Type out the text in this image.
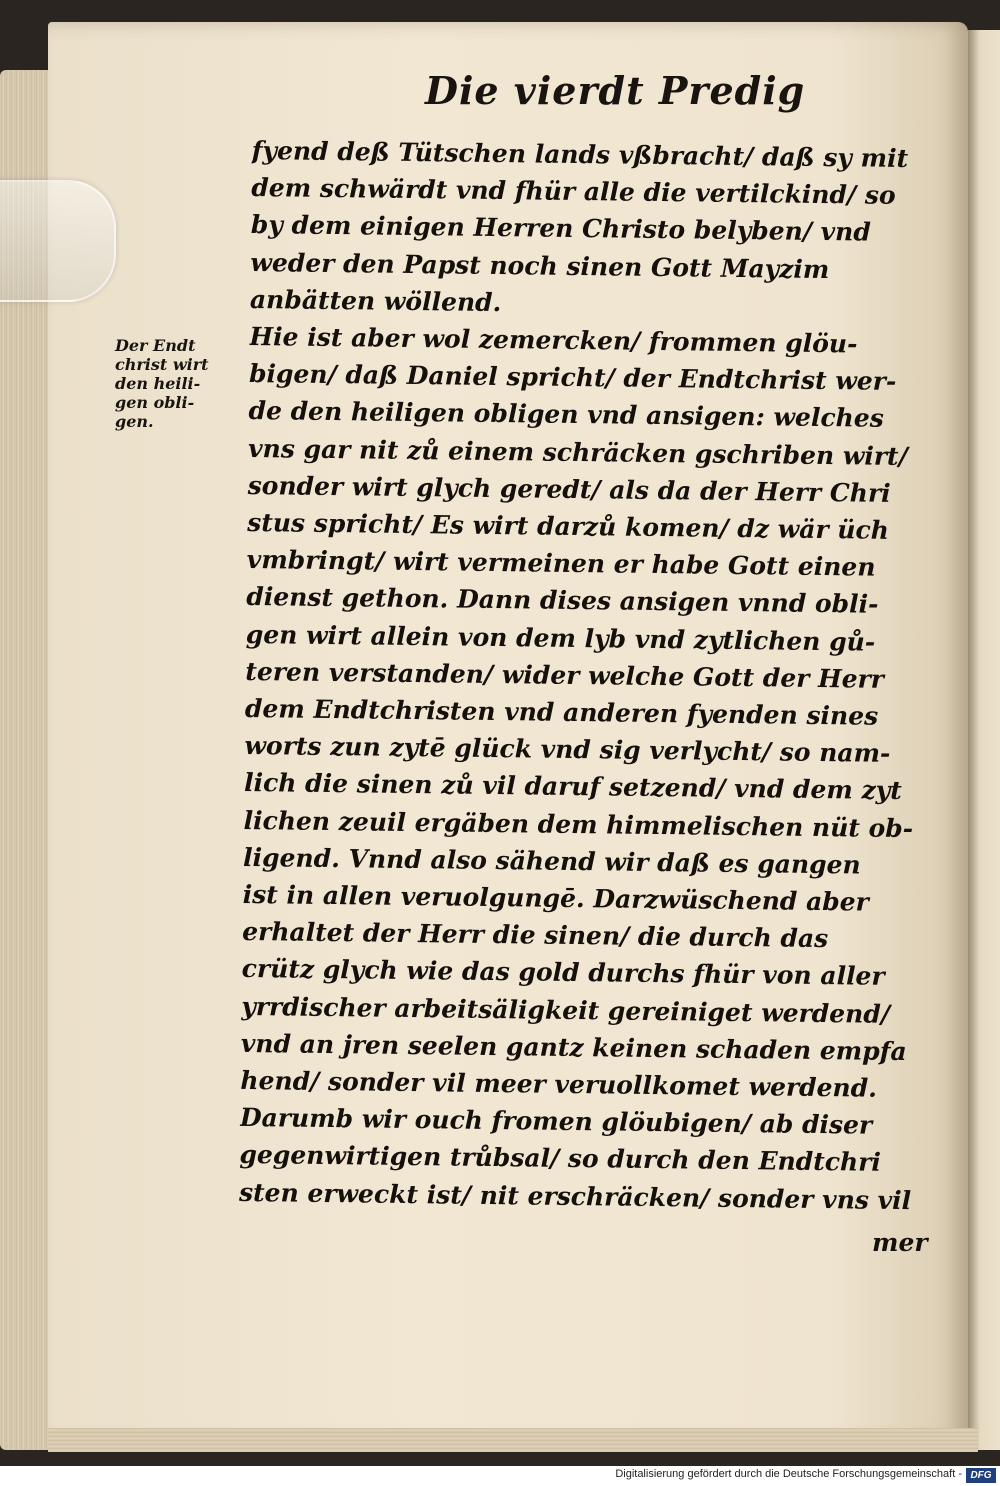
Die vierdt Predig

Der Endt
christ wirt
den heili-
gen obli-
gen.

fyend deß Tütschen lands vßbracht/ daß sy mit
dem schwärdt vnd fhür alle die vertilckind/ so
by dem einigen Herren Christo belyben/ vnd
weder den Papst noch sinen Gott Mayzim
anbätten wöllend.
Hie ist aber wol zemercken/ frommen glöu-
bigen/ daß Daniel spricht/ der Endtchrist wer-
de den heiligen obligen vnd ansigen: welches
vns gar nit zů einem schräcken gschriben wirt/
sonder wirt glych geredt/ als da der Herr Chri
stus spricht/ Es wirt darzů komen/ dz wär üch
vmbringt/ wirt vermeinen er habe Gott einen
dienst gethon. Dann dises ansigen vnnd obli-
gen wirt allein von dem lyb vnd zytlichen gů-
teren verstanden/ wider welche Gott der Herr
dem Endtchristen vnd anderen fyenden sines
worts zun zytē glück vnd sig verlycht/ so nam-
lich die sinen zů vil daruf setzend/ vnd dem zyt
lichen zeuil ergäben dem himmelischen nüt ob-
ligend. Vnnd also sähend wir daß es gangen
ist in allen veruolgungē. Darzwüschend aber
erhaltet der Herr die sinen/ die durch das
crütz glych wie das gold durchs fhür von aller
yrrdischer arbeitsäligkeit gereiniget werdend/
vnd an jren seelen gantz keinen schaden empfa
hend/ sonder vil meer veruollkomet werdend.
Darumb wir ouch fromen glöubigen/ ab diser
gegenwirtigen trůbsal/ so durch den Endtchri
sten erweckt ist/ nit erschräcken/ sonder vns vil

mer

Digitalisierung gefördert durch die Deutsche Forschungsgemeinschaft - DFG
